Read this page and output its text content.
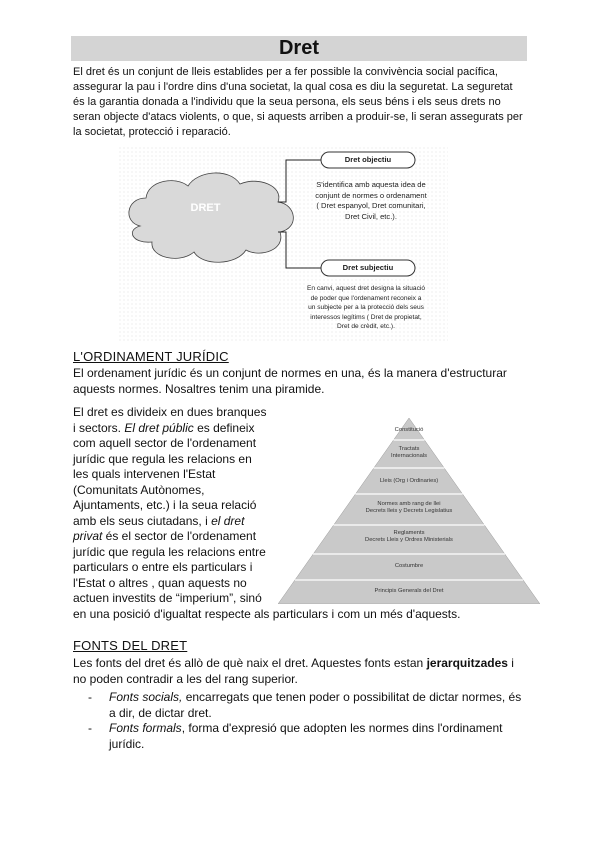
Dret
El dret és un conjunt de lleis establides per a fer possible la convivència social pacífica,
assegurar la pau i l'ordre dins d'una societat, la qual cosa es diu la seguretat. La seguretat
és la garantia donada a l'individu que la seua persona, els seus béns i els seus drets no
seran objecte d'atacs violents, o que, si aquests arriben a produir-se, li seran assegurats per
la societat, protecció i reparació.
DRET
Dret objectiu
S'identifica amb aquesta idea de
conjunt de normes o ordenament
( Dret espanyol, Dret comunitari,
Dret Civil, etc.).
Dret subjectiu
En canvi, aquest dret designa la situació
de poder que l'ordenament reconeix a
un subjecte per a la protecció dels seus
interessos legítims ( Dret de propietat,
Dret de crèdit, etc.).
L'ORDINAMENT JURÍDIC
El ordenament jurídic és un conjunt de normes en una, és la manera d'estructurar
aquests normes. Nosaltres tenim una piramide.
El dret es divideix en dues branques
i sectors. El dret públic es defineix
com aquell sector de l'ordenament
jurídic que regula les relacions en
les quals intervenen l'Estat
(Comunitats Autònomes,
Ajuntaments, etc.) i la seua relació
amb els seus ciutadans, i el dret
privat és el sector de l'ordenament
jurídic que regula les relacions entre
particulars o entre els particulars i
l'Estat o altres , quan aquests no
actuen investits de “imperium”, sinó
en una posició d'igualtat respecte als particulars i com un més d'aquests.
Constitució
Tractats
Internacionals
Lleis (Org i Ordinaries)
Normes amb rang de llei
Decrets lleis y Decrets Legislatius
Reglaments
Decrets Lleis y Ordres Ministerials
Costumbre
Principis Generals del Dret
FONTS DEL DRET
Les fonts del dret és allò de què naix el dret. Aquestes fonts estan jerarquitzades i
no poden contradir a les del rang superior.
- Fonts socials, encarregats que tenen poder o possibilitat de dictar normes, és
a dir, de dictar dret.
- Fonts formals, forma d'expresió que adopten les normes dins l'ordinament
jurídic.
